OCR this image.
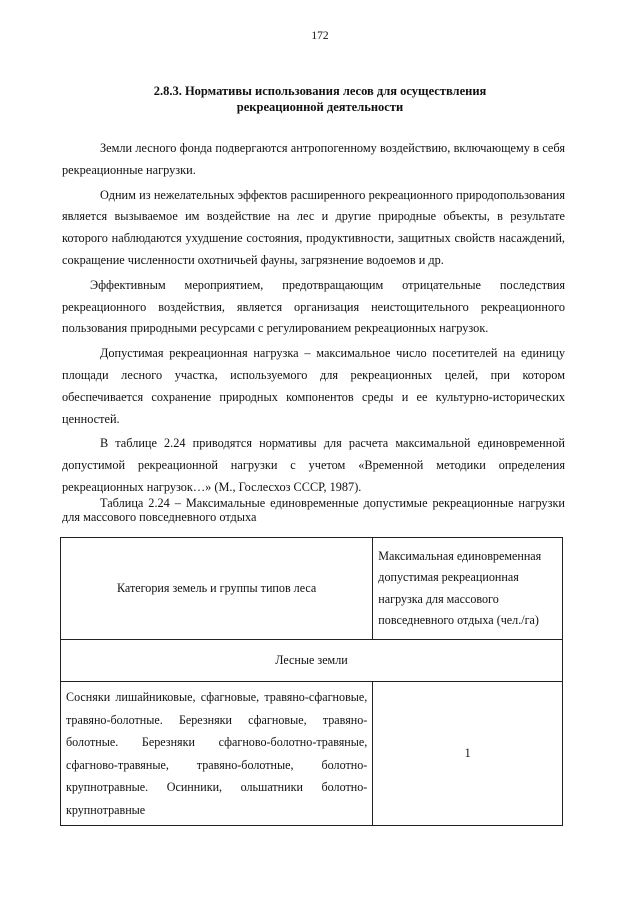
172
2.8.3. Нормативы использования лесов для осуществления
рекреационной деятельности

Земли лесного фонда подвергаются антропогенному воздействию, включающему в себя рекреационные нагрузки.

Одним из нежелательных эффектов расширенного рекреационного природопользования является вызываемое им воздействие на лес и другие природные объекты, в результате которого наблюдаются ухудшение состояния, продуктивности, защитных свойств насаждений, сокращение численности охотничьей фауны, загрязнение водоемов и др.

Эффективным мероприятием, предотвращающим отрицательные последствия рекреационного воздействия, является организация неистощительного рекреационного пользования природными ресурсами с регулированием рекреационных нагрузок.

Допустимая рекреационная нагрузка – максимальное число посетителей на единицу площади лесного участка, используемого для рекреационных целей, при котором обеспечивается сохранение природных компонентов среды и ее культурно-исторических ценностей.

В таблице 2.24 приводятся нормативы для расчета максимальной единовременной допустимой рекреационной нагрузки с учетом «Временной методики определения рекреационных нагрузок…» (М., Гослесхоз СССР, 1987).

Таблица 2.24 – Максимальные единовременные допустимые рекреационные нагрузки для массового повседневного отдыха
Категория земель и группы типов леса	Максимальная единовременная допустимая рекреационная нагрузка для массового повседневного отдыха (чел./га)
Лесные земли	
Сосняки лишайниковые, сфагновые, травяно-сфагновые, травяно-болотные. Березняки сфагновые, травяно-болотные. Березняки сфагново-болотно-травяные, сфагново-травяные, травяно-болотные, болотно-крупнотравные. Осинники, ольшатники болотно-крупнотравные	1
